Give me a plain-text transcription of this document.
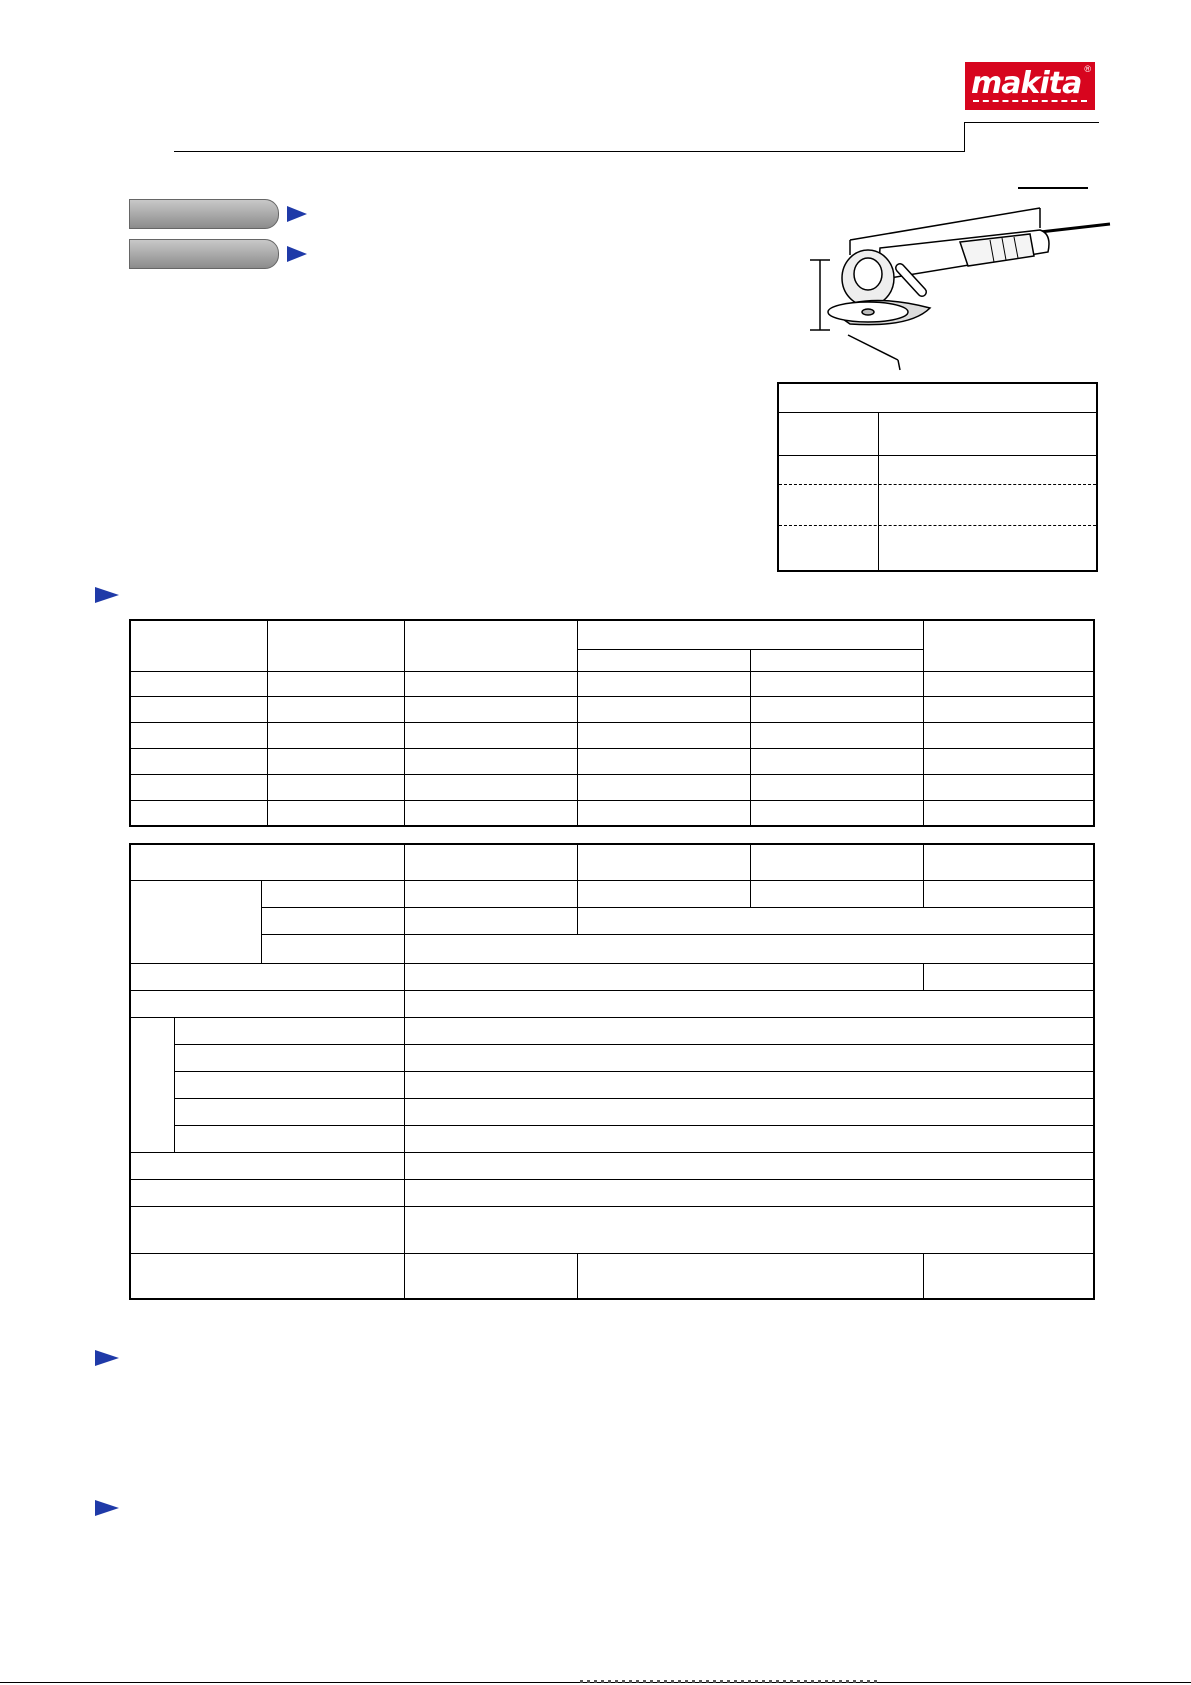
makita ®
